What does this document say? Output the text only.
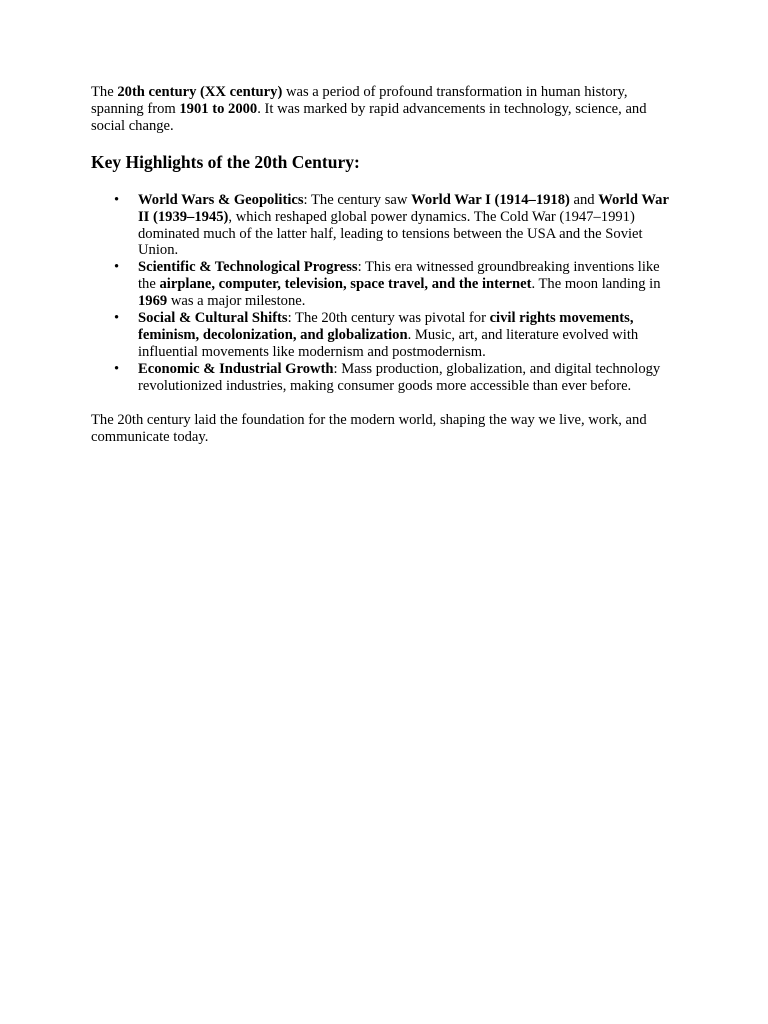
The 20th century (XX century) was a period of profound transformation in human history, spanning from 1901 to 2000. It was marked by rapid advancements in technology, science, and social change.

Key Highlights of the 20th Century:
• World Wars & Geopolitics: The century saw World War I (1914–1918) and World War II (1939–1945), which reshaped global power dynamics. The Cold War (1947–1991) dominated much of the latter half, leading to tensions between the USA and the Soviet Union.
• Scientific & Technological Progress: This era witnessed groundbreaking inventions like the airplane, computer, television, space travel, and the internet. The moon landing in 1969 was a major milestone.
• Social & Cultural Shifts: The 20th century was pivotal for civil rights movements, feminism, decolonization, and globalization. Music, art, and literature evolved with influential movements like modernism and postmodernism.
• Economic & Industrial Growth: Mass production, globalization, and digital technology revolutionized industries, making consumer goods more accessible than ever before.

The 20th century laid the foundation for the modern world, shaping the way we live, work, and communicate today.
